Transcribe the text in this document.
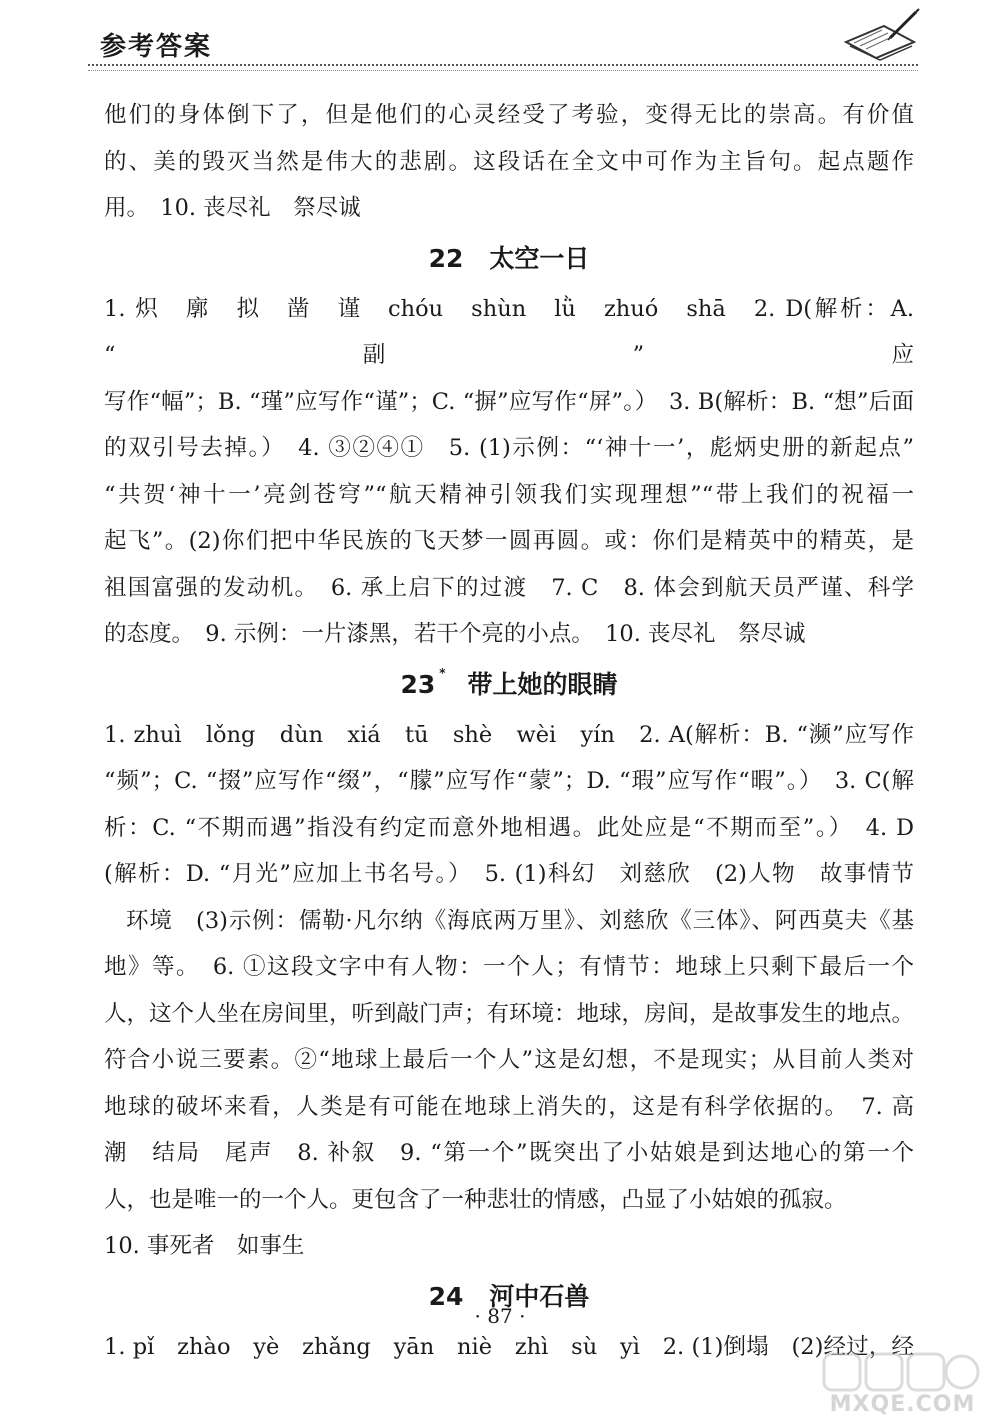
参考答案

他们的身体倒下了，但是他们的心灵经受了考验，变得无比的崇高。有价值

的、美的毁灭当然是伟大的悲剧。这段话在全文中可作为主旨句。起点题作

用。　10. 丧尽礼　祭尽诚

22 太空一日

1. 炽　廓　拟　凿　谨　chóu　shùn　lǜ　zhuó　shā　2. D(解析：A. “副”应

写作“幅”；B. “瑾”应写作“谨”；C. “摒”应写作“屏”。）　3. B(解析：B. “想”后面

的双引号去掉。）　4. ③②④①　5. (1)示例：“‘神十一’，彪炳史册的新起点”

“共贺‘神十一’亮剑苍穹”“航天精神引领我们实现理想”“带上我们的祝福一

起飞”。(2)你们把中华民族的飞天梦一圆再圆。或：你们是精英中的精英，是

祖国富强的发动机。　6. 承上启下的过渡　7. C　8. 体会到航天员严谨、科学

的态度。　9. 示例：一片漆黑，若干个亮的小点。　10. 丧尽礼　祭尽诚

23 * 带上她的眼睛

1. zhuì　lǒng　dùn　xiá　tū　shè　wèi　yín　2. A(解析：B. “濒”应写作

“频”；C. “掇”应写作“缀”，“朦”应写作“蒙”；D. “瑕”应写作“暇”。）　3. C(解

析：C. “不期而遇”指没有约定而意外地相遇。此处应是“不期而至”。）　4. D

(解析：D. “月光”应加上书名号。）　5. (1)科幻　刘慈欣　(2)人物　故事情节

环境　(3)示例：儒勒·凡尔纳《海底两万里》、刘慈欣《三体》、阿西莫夫《基

地》等。　6. ①这段文字中有人物：一个人；有情节：地球上只剩下最后一个

人，这个人坐在房间里，听到敲门声；有环境：地球，房间，是故事发生的地点。

符合小说三要素。②“地球上最后一个人”这是幻想，不是现实；从目前人类对

地球的破坏来看，人类是有可能在地球上消失的，这是有科学依据的。　7. 高

潮　结局　尾声　8. 补叙　9. “第一个”既突出了小姑娘是到达地心的第一个

人，也是唯一的一个人。更包含了一种悲壮的情感，凸显了小姑娘的孤寂。

10. 事死者　如事生

24 河中石兽

1. pǐ　zhào　yè　zhǎng　yān　niè　zhì　sù　yì　2. (1)倒塌　(2)经过，经

· 87 ·
MXQE.COM
